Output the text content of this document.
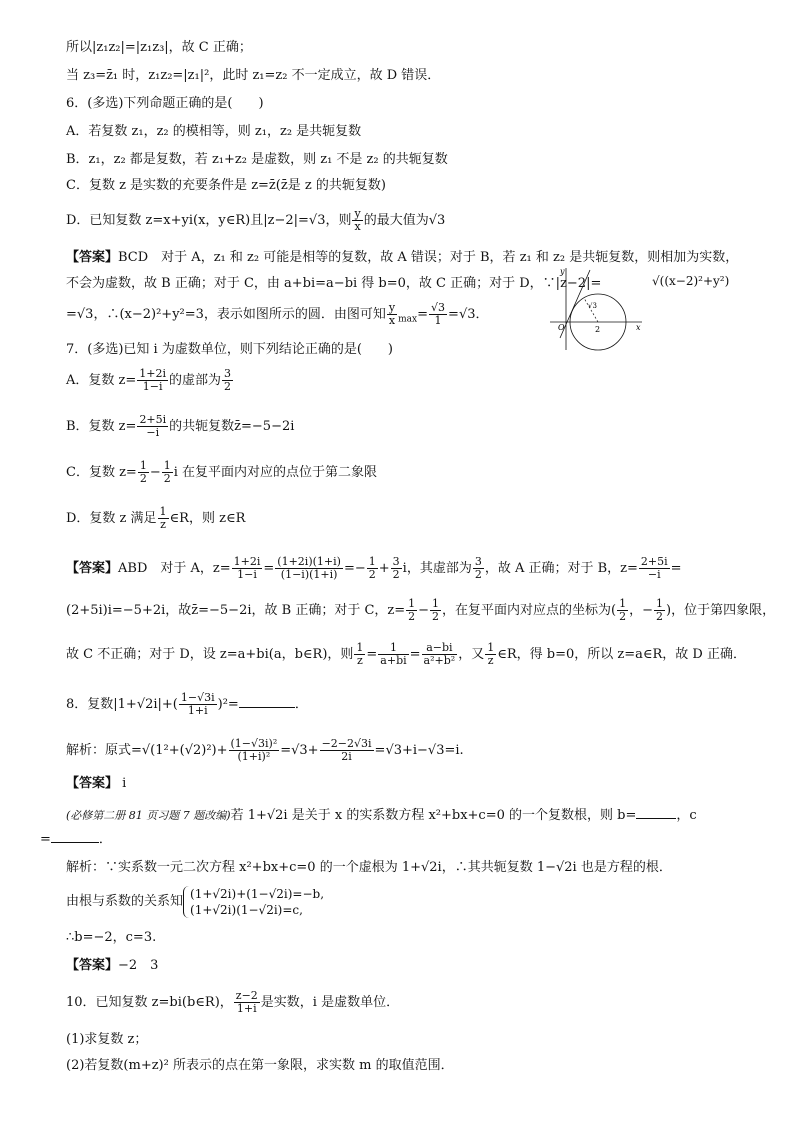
所以|z₁z₂|=|z₁z₃|，故 C 正确；
当 z₃=z̄₁ 时，z₁z₂=|z₁|²，此时 z₁=z₂ 不一定成立，故 D 错误．
6．(多选)下列命题正确的是(　　)
A．若复数 z₁，z₂ 的模相等，则 z₁，z₂ 是共轭复数
B．z₁，z₂ 都是复数，若 z₁+z₂ 是虚数，则 z₁ 不是 z₂ 的共轭复数
C．复数 z 是实数的充要条件是 z=z̄(z̄是 z 的共轭复数)
D．已知复数 z=x+yi(x，y∈R)且|z−2|=√3，则 $\frac{y}{x}$ 的最大值为√3
【答案】BCD　对于 A，z₁ 和 z₂ 可能是相等的复数，故 A 错误；对于 B，若 z₁ 和 z₂ 是共轭复数，则相加为实数，
不会为虚数，故 B 正确；对于 C，由 a+bi=a−bi 得 b=0，故 C 正确；对于 D，∵|z−2|=	√((x−2)²+y²)
=√3，∴(x−2)²+y²=3，表示如图所示的圆．由图可知 $\frac{y}{x} _{max}= \frac{√3}{1} =√3$．
y
x
O	2
√3
7．(多选)已知 i 为虚数单位，则下列结论正确的是(　　)
A．复数 $z= \frac{1+2i}{1-i}$ 的虚部为 $\frac{3}{2}$
B．复数 $z= \frac{2+5i}{-i}$ 的共轭复数z̄=−5−2i
C．复数 $z= \frac{1}{2} - \frac{1}{2}$ i 在复平面内对应的点位于第二象限
D．复数 z 满足 $\frac{1}{z}$ ∈R，则 z∈R
【答案】ABD　对于 A，$z= \frac{1+2i}{1-i} = \frac{(1+2i)(1+i)}{(1-i)(1+i)} =- \frac{1}{2} + \frac{3}{2}$ i，其虚部为 $\frac{3}{2}$ ，故 A 正确；对于 B，$z= \frac{2+5i}{-i}$ =
(2+5i)i=−5+2i，故z̄=−5−2i，故 B 正确；对于 C，$z= \frac{1}{2} - \frac{1}{2}$ ，在复平面内对应点的坐标为( $\frac{1}{2}$ ，− $\frac{1}{2}$ )，位于第四象限，
故 C 不正确；对于 D，设 z=a+bi(a，b∈R)，则 $\frac{1}{z} = \frac{1}{a+bi} = \frac{a-bi}{\text{a²+b²}}$ ，又 $\frac{1}{z}$ ∈R，得 b=0，所以 z=a∈R，故 D 正确．
8．复数$|1+√2i|+( \frac{1-√3i}{1+i} )^2=$	．
解析：原式$=√(1^2+(√2)^2)+ \frac{\text{(1−√3i)²}}{\text{(1+i)²}} =√3+ \frac{-2-2√3i}{2i} =√3+i-√3=i$.
【答案】 i
(必修第二册 81 页习题 7 题改编)若 1+√2i 是关于 x 的实系数方程 x²+bx+c=0 的一个复数根，则 b=	，c
=	．
解析：∵实系数一元二次方程 x²+bx+c=0 的一个虚根为 1+√2i，∴其共轭复数 1−√2i 也是方程的根．
由根与系数的关系知
(1+√2i)+(1−√2i)=−b,
(1+√2i)(1−√2i)=c,
∴b=−2，c=3.
【答案】−2　3
10．已知复数 z=bi(b∈R)， $\frac{z-2}{1+i}$ 是实数，i 是虚数单位．
(1)求复数 z；
(2)若复数(m+z)² 所表示的点在第一象限，求实数 m 的取值范围．
